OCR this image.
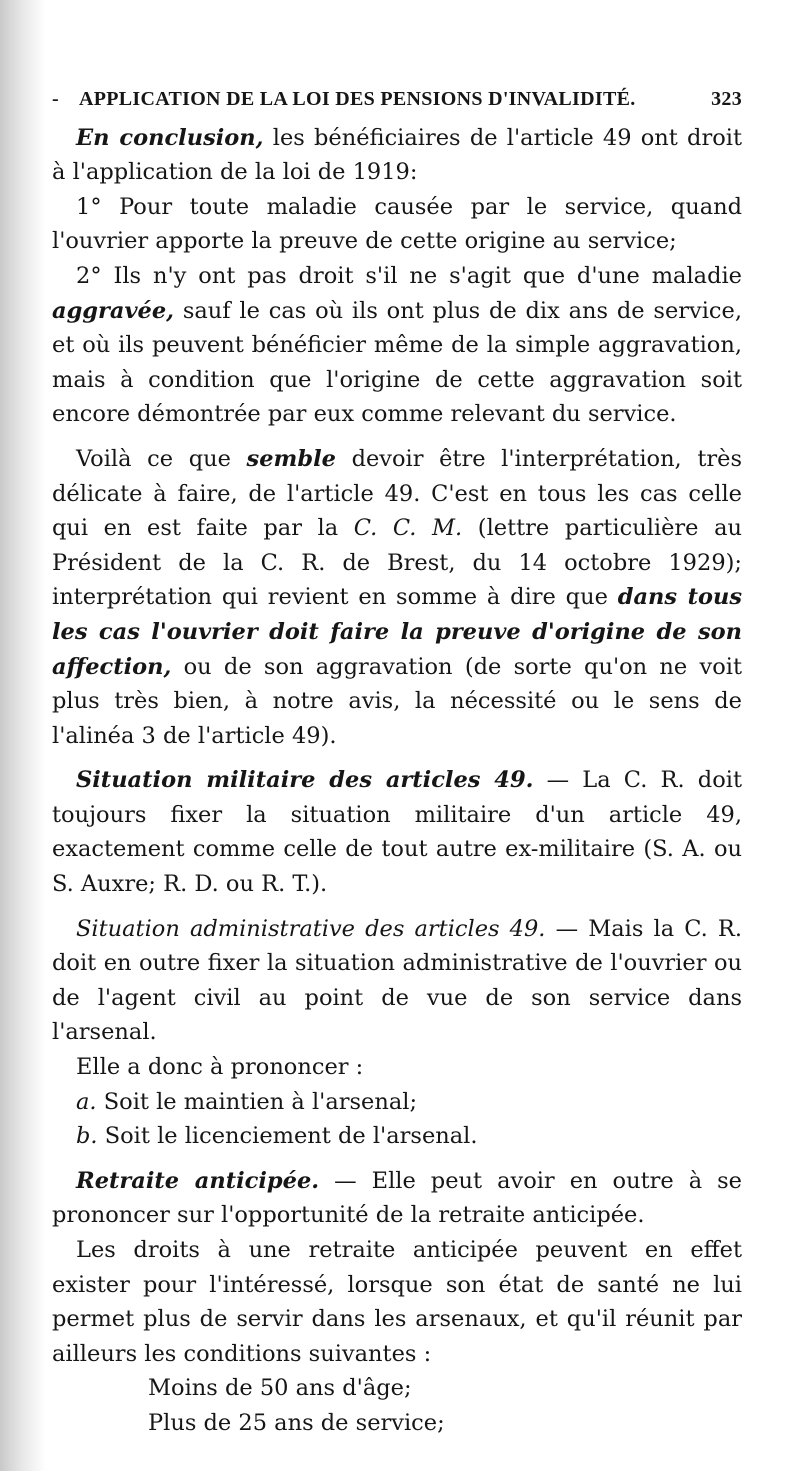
- APPLICATION DE LA LOI DES PENSIONS D'INVALIDITÉ.	323

En conclusion, les bénéficiaires de l'article 49 ont droit à l'application de la loi de 1919:

1° Pour toute maladie causée par le service, quand l'ouvrier apporte la preuve de cette origine au service;

2° Ils n'y ont pas droit s'il ne s'agit que d'une maladie aggravée, sauf le cas où ils ont plus de dix ans de service, et où ils peuvent bénéficier même de la simple aggravation, mais à condition que l'origine de cette aggravation soit encore démontrée par eux comme relevant du service.

Voilà ce que semble devoir être l'interprétation, très délicate à faire, de l'article 49. C'est en tous les cas celle qui en est faite par la C. C. M. (lettre particulière au Président de la C. R. de Brest, du 14 octobre 1929); interprétation qui revient en somme à dire que dans tous les cas l'ouvrier doit faire la preuve d'origine de son affection, ou de son aggravation (de sorte qu'on ne voit plus très bien, à notre avis, la nécessité ou le sens de l'alinéa 3 de l'article 49).

Situation militaire des articles 49. — La C. R. doit toujours fixer la situation militaire d'un article 49, exactement comme celle de tout autre ex-militaire (S. A. ou S. Auxre; R. D. ou R. T.).

Situation administrative des articles 49. — Mais la C. R. doit en outre fixer la situation administrative de l'ouvrier ou de l'agent civil au point de vue de son service dans l'arsenal.

Elle a donc à prononcer :

a. Soit le maintien à l'arsenal;

b. Soit le licenciement de l'arsenal.

Retraite anticipée. — Elle peut avoir en outre à se prononcer sur l'opportunité de la retraite anticipée.

Les droits à une retraite anticipée peuvent en effet exister pour l'intéressé, lorsque son état de santé ne lui permet plus de servir dans les arsenaux, et qu'il réunit par ailleurs les conditions suivantes :

Moins de 50 ans d'âge;

Plus de 25 ans de service;
